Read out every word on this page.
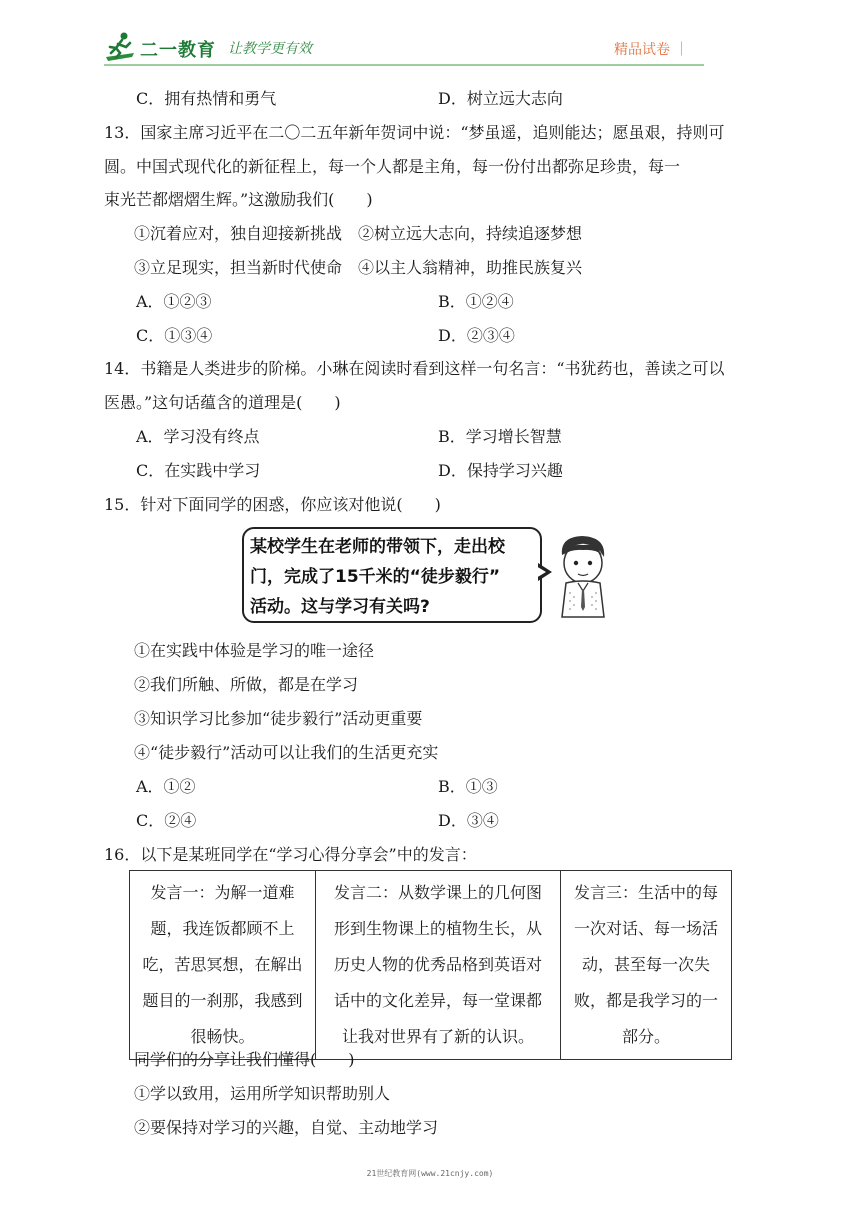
二一教育 让教学更有效	精品试卷 ｜
C．拥有热情和勇气	D．树立远大志向
13．国家主席习近平在二〇二五年新年贺词中说：“梦虽遥，追则能达；愿虽艰，持则可
圆。中国式现代化的新征程上，每一个人都是主角，每一份付出都弥足珍贵，每一
束光芒都熠熠生辉。”这激励我们(　　)
①沉着应对，独自迎接新挑战　②树立远大志向，持续追逐梦想
③立足现实，担当新时代使命　④以主人翁精神，助推民族复兴
A．①②③	B．①②④
C．①③④	D．②③④
14．书籍是人类进步的阶梯。小琳在阅读时看到这样一句名言：“书犹药也，善读之可以
医愚。”这句话蕴含的道理是(　　)
A．学习没有终点	B．学习增长智慧
C．在实践中学习	D．保持学习兴趣
15．针对下面同学的困惑，你应该对他说(　　)
某校学生在老师的带领下，走出校
门，完成了15千米的“徒步毅行”
活动。这与学习有关吗?
①在实践中体验是学习的唯一途径
②我们所触、所做，都是在学习
③知识学习比参加“徒步毅行”活动更重要
④“徒步毅行”活动可以让我们的生活更充实
A．①②	B．①③
C．②④	D．③④
16．以下是某班同学在“学习心得分享会”中的发言：
发言一：为解一道难
题，我连饭都顾不上
吃，苦思冥想，在解出
题目的一刹那，我感到
很畅快。

发言二：从数学课上的几何图
形到生物课上的植物生长，从
历史人物的优秀品格到英语对
话中的文化差异，每一堂课都
让我对世界有了新的认识。

发言三：生活中的每
一次对话、每一场活
动，甚至每一次失
败，都是我学习的一
部分。
同学们的分享让我们懂得(　　)
①学以致用，运用所学知识帮助别人
②要保持对学习的兴趣，自觉、主动地学习
21世纪教育网(www.21cnjy.com)
